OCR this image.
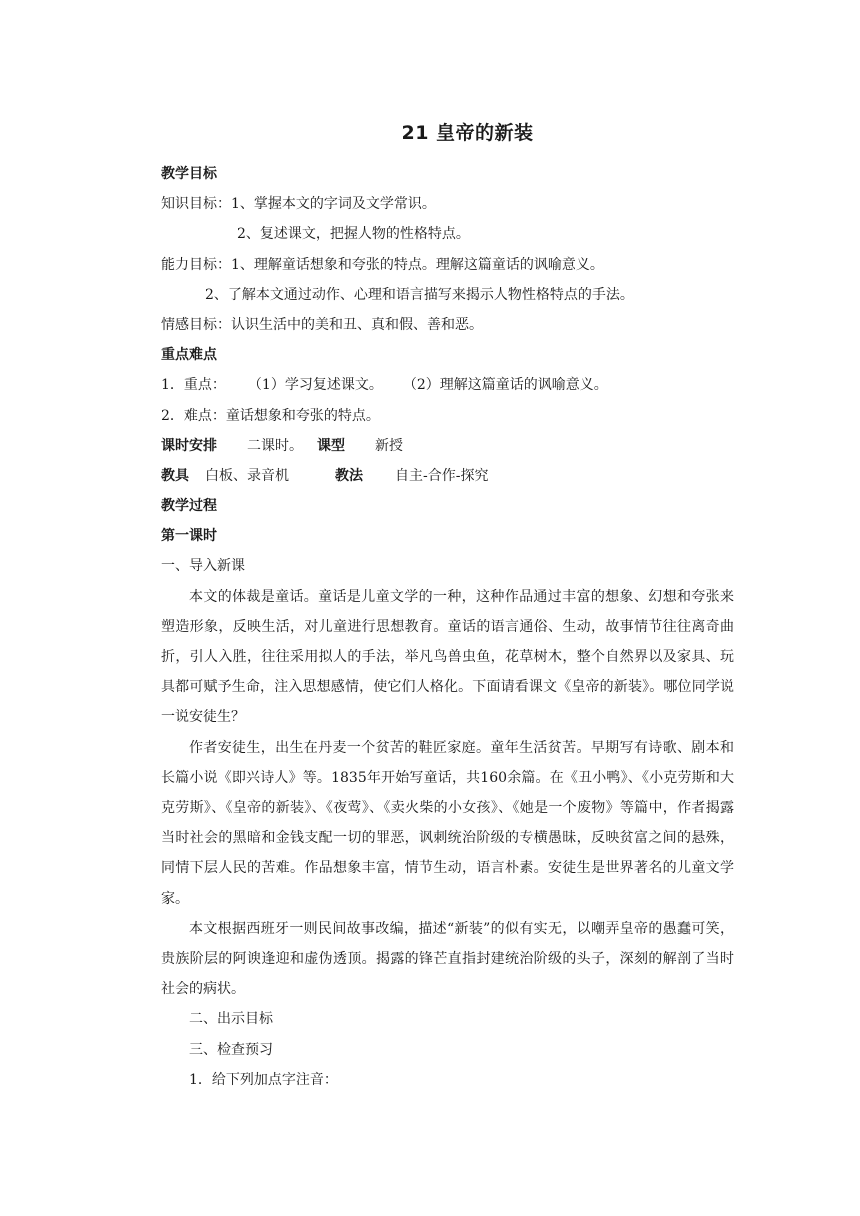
21 皇帝的新装
教学目标
知识目标：1、掌握本文的字词及文学常识。
2、复述课文，把握人物的性格特点。
能力目标：1、理解童话想象和夸张的特点。理解这篇童话的讽喻意义。
2、了解本文通过动作、心理和语言描写来揭示人物性格特点的手法。
情感目标：认识生活中的美和丑、真和假、善和恶。
重点难点
1．重点： （1）学习复述课文。 （2）理解这篇童话的讽喻意义。
2．难点：童话想象和夸张的特点。
课时安排 二课时。 课型 新授
教具 白板、录音机	教法 自主-合作-探究
教学过程
第一课时
一、导入新课

本文的体裁是童话。童话是儿童文学的一种，这种作品通过丰富的想象、幻想和夸张来塑造形象，反映生活，对儿童进行思想教育。童话的语言通俗、生动，故事情节往往离奇曲折，引人入胜，往往采用拟人的手法，举凡鸟兽虫鱼，花草树木，整个自然界以及家具、玩具都可赋予生命，注入思想感情，使它们人格化。下面请看课文《皇帝的新装》。哪位同学说一说安徒生？

作者安徒生，出生在丹麦一个贫苦的鞋匠家庭。童年生活贫苦。早期写有诗歌、剧本和长篇小说《即兴诗人》等。1835年开始写童话，共160余篇。在《丑小鸭》、《小克劳斯和大克劳斯》、《皇帝的新装》、《夜莺》、《卖火柴的小女孩》、《她是一个废物》等篇中，作者揭露当时社会的黑暗和金钱支配一切的罪恶，讽刺统治阶级的专横愚昧，反映贫富之间的悬殊，同情下层人民的苦难。作品想象丰富，情节生动，语言朴素。安徒生是世界著名的儿童文学家。

本文根据西班牙一则民间故事改编，描述“新装”的似有实无，以嘲弄皇帝的愚蠢可笑，贵族阶层的阿谀逢迎和虚伪透顶。揭露的锋芒直指封建统治阶级的头子，深刻的解剖了当时社会的病状。

二、出示目标
三、检查预习
1．给下列加点字注音：
